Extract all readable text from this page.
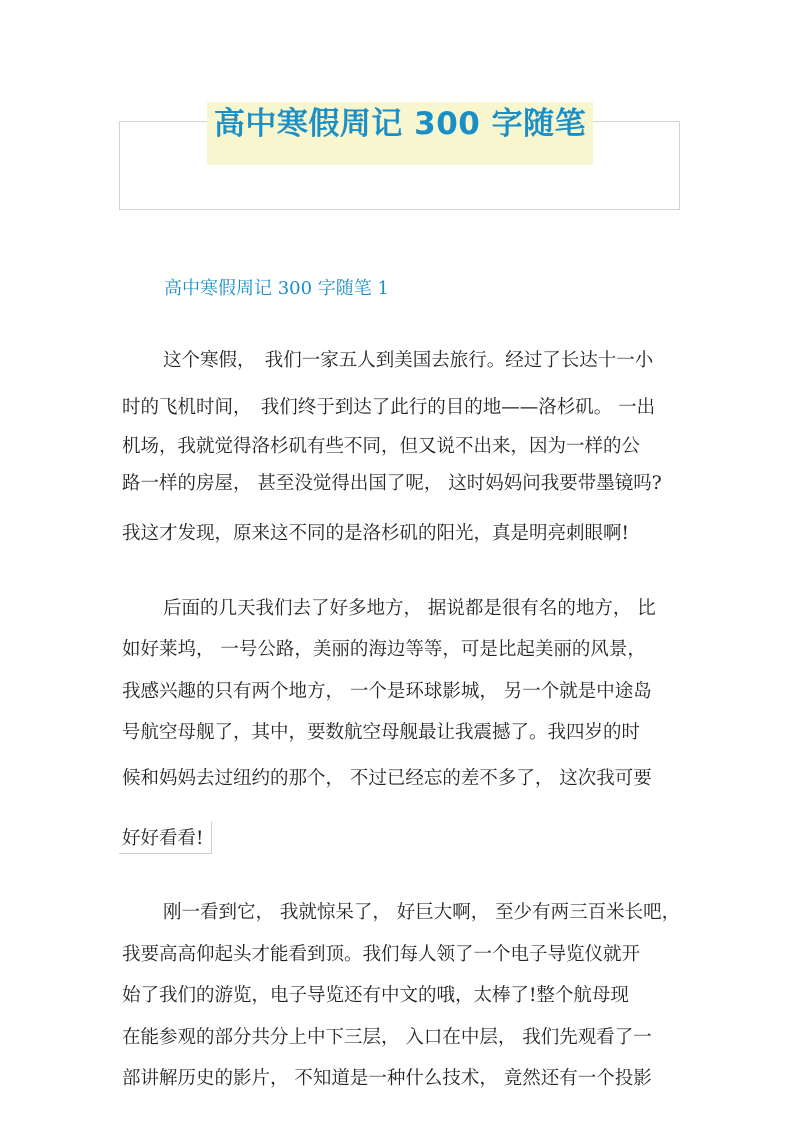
高中寒假周记 300 字随笔
高中寒假周记 300 字随笔 1
这个寒假，　我们一家五人到美国去旅行。经过了长达十一小
时的飞机时间，　我们终于到达了此行的目的地——洛杉矶。 一出
机场，我就觉得洛杉矶有些不同，但又说不出来，因为一样的公
路一样的房屋， 甚至没觉得出国了呢， 这时妈妈问我要带墨镜吗?
我这才发现，原来这不同的是洛杉矶的阳光，真是明亮刺眼啊!
后面的几天我们去了好多地方， 据说都是很有名的地方， 比
如好莱坞， 一号公路，美丽的海边等等，可是比起美丽的风景，
我感兴趣的只有两个地方， 一个是环球影城， 另一个就是中途岛
号航空母舰了，其中，要数航空母舰最让我震撼了。我四岁的时
候和妈妈去过纽约的那个， 不过已经忘的差不多了， 这次我可要
好好看看!
刚一看到它， 我就惊呆了， 好巨大啊， 至少有两三百米长吧，
我要高高仰起头才能看到顶。我们每人领了一个电子导览仪就开
始了我们的游览，电子导览还有中文的哦，太棒了!整个航母现
在能参观的部分共分上中下三层， 入口在中层， 我们先观看了一
部讲解历史的影片， 不知道是一种什么技术， 竟然还有一个投影
